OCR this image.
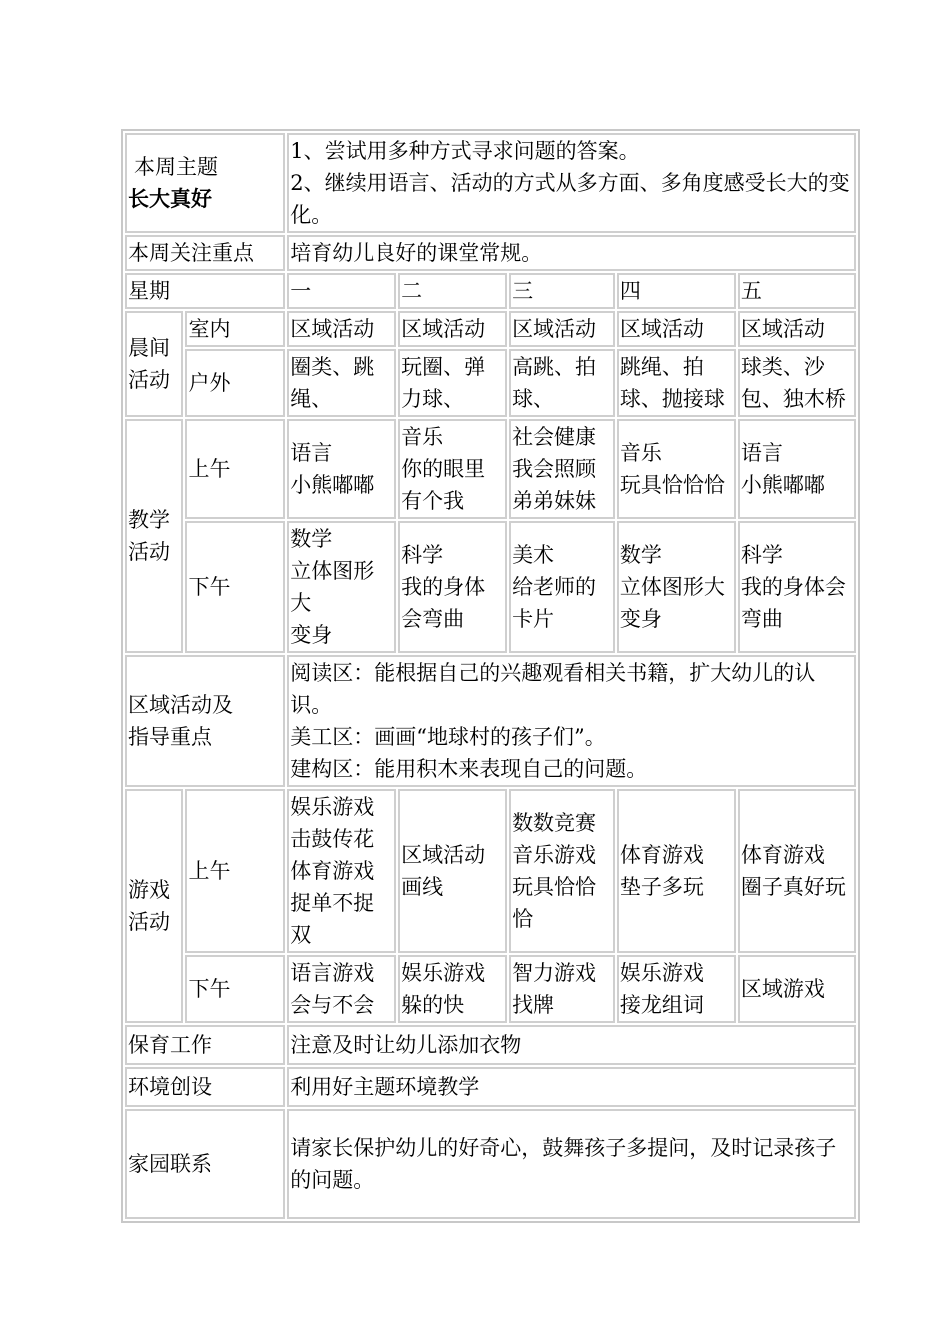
本周主题
长大真好		1、尝试用多种方式寻求问题的答案。
2、继续用语言、活动的方式从多方面、多角度感受长大的变化。				

本周关注重点		培育幼儿良好的课堂常规。				
星期		一	二	三	四	五

晨间
活动	室内	区域活动	区域活动	区域活动	区域活动	区域活动
	户外	圈类、跳
绳、	玩圈、弹
力球、	高跳、拍
球、	跳绳、拍
球、抛接球	球类、沙
包、独木桥

教学
活动	上午	语言
小熊嘟嘟	音乐
你的眼里
有个我	社会健康
我会照顾
弟弟妹妹	音乐
玩具恰恰恰	语言
小熊嘟嘟

	下午	数学
立体图形大
变身	科学
我的身体
会弯曲	美术
给老师的
卡片	数学
立体图形大
变身	科学
我的身体会
弯曲

区域活动及
指导重点		阅读区：能根据自己的兴趣观看相关书籍，扩大幼儿的认识。
美工区：画画“地球村的孩子们”。
建构区：能用积木来表现自己的问题。				

游戏
活动	上午	娱乐游戏
击鼓传花
体育游戏
捉单不捉双	区域活动
画线	数数竞赛
音乐游戏
玩具恰恰恰	体育游戏
垫子多玩	体育游戏
圈子真好玩

	下午	语言游戏
会与不会	娱乐游戏
躲的快	智力游戏
找牌	娱乐游戏
接龙组词	区域游戏

保育工作		注意及时让幼儿添加衣物				
环境创设		利用好主题环境教学				
家园联系		请家长保护幼儿的好奇心，鼓舞孩子多提问，及时记录孩子的问题。				
